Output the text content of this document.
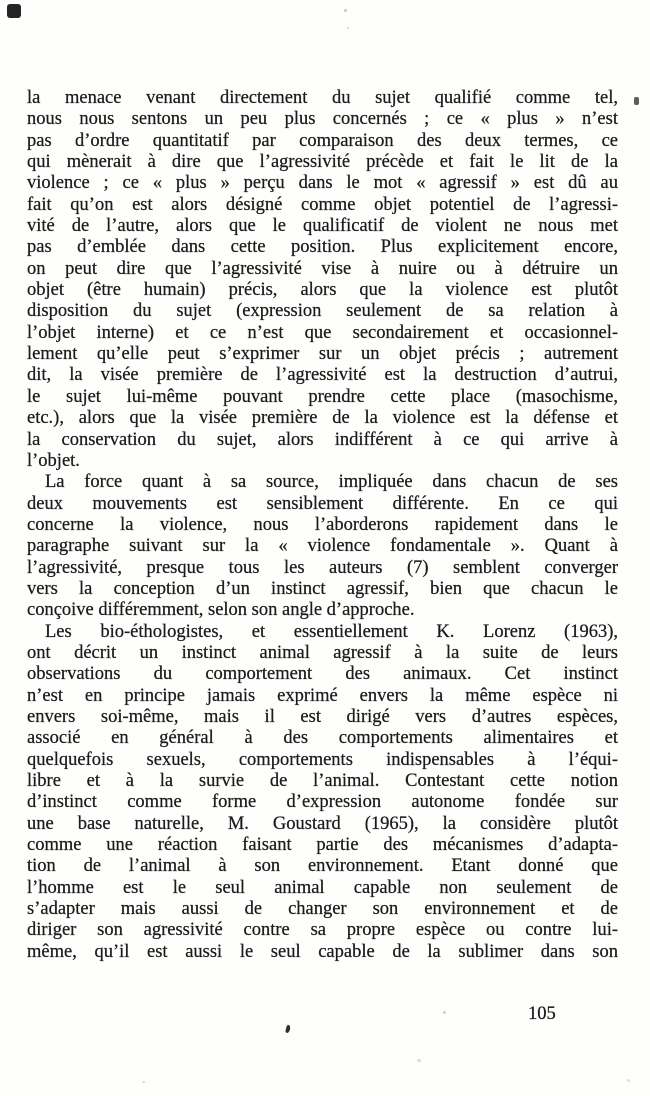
la menace venant directement du sujet qualifié comme tel,
nous nous sentons un peu plus concernés ; ce « plus » n’est
pas d’ordre quantitatif par comparaison des deux termes, ce
qui mènerait à dire que l’agressivité précède et fait le lit de la
violence ; ce « plus » perçu dans le mot « agressif » est dû au
fait qu’on est alors désigné comme objet potentiel de l’agressi-
vité de l’autre, alors que le qualificatif de violent ne nous met
pas d’emblée dans cette position. Plus explicitement encore,
on peut dire que l’agressivité vise à nuire ou à détruire un
objet (être humain) précis, alors que la violence est plutôt
disposition du sujet (expression seulement de sa relation à
l’objet interne) et ce n’est que secondairement et occasionnel-
lement qu’elle peut s’exprimer sur un objet précis ; autrement
dit, la visée première de l’agressivité est la destruction d’autrui,
le sujet lui-même pouvant prendre cette place (masochisme,
etc.), alors que la visée première de la violence est la défense et
la conservation du sujet, alors indifférent à ce qui arrive à
l’objet.
La force quant à sa source, impliquée dans chacun de ses
deux mouvements est sensiblement différente. En ce qui
concerne la violence, nous l’aborderons rapidement dans le
paragraphe suivant sur la « violence fondamentale ». Quant à
l’agressivité, presque tous les auteurs (7) semblent converger
vers la conception d’un instinct agressif, bien que chacun le
conçoive différemment, selon son angle d’approche.
Les bio-éthologistes, et essentiellement K. Lorenz (1963),
ont décrit un instinct animal agressif à la suite de leurs
observations du comportement des animaux. Cet instinct
n’est en principe jamais exprimé envers la même espèce ni
envers soi-même, mais il est dirigé vers d’autres espèces,
associé en général à des comportements alimentaires et
quelquefois sexuels, comportements indispensables à l’équi-
libre et à la survie de l’animal. Contestant cette notion
d’instinct comme forme d’expression autonome fondée sur
une base naturelle, M. Goustard (1965), la considère plutôt
comme une réaction faisant partie des mécanismes d’adapta-
tion de l’animal à son environnement. Etant donné que
l’homme est le seul animal capable non seulement de
s’adapter mais aussi de changer son environnement et de
diriger son agressivité contre sa propre espèce ou contre lui-
même, qu’il est aussi le seul capable de la sublimer dans son
105
